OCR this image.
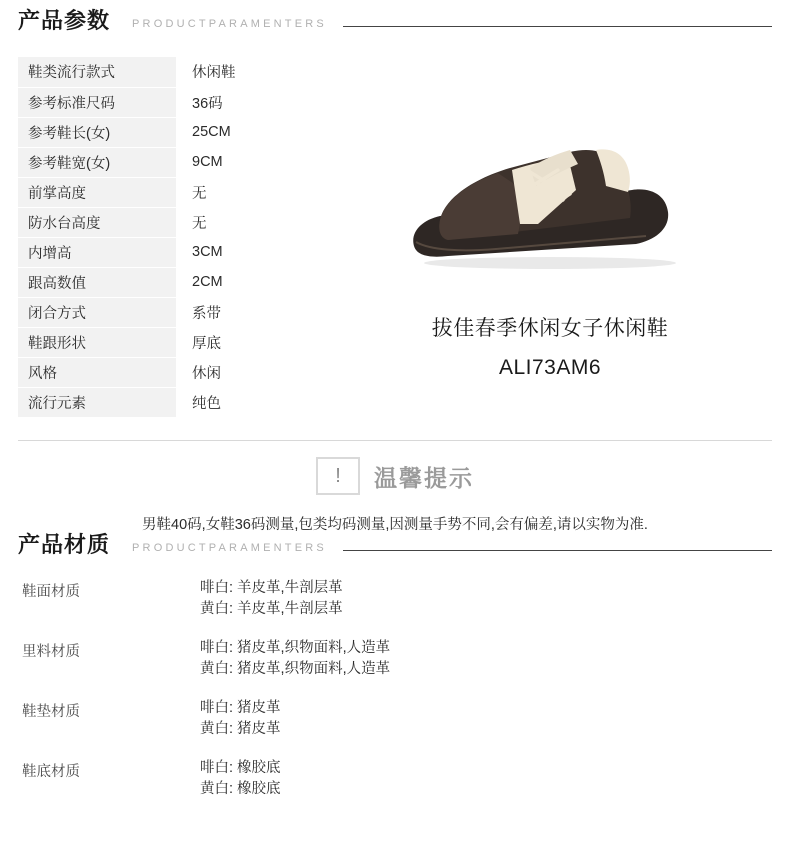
产品参数 PRODUCTPARAMENTERS
鞋类流行款式	休闲鞋
参考标准尺码	36码
参考鞋长(女)	25CM
参考鞋宽(女)	9CM
前掌高度	无
防水台高度	无
内增高	3CM
跟高数值	2CM
闭合方式	系带
鞋跟形状	厚底
风格	休闲
流行元素	纯色
拔佳春季休闲女子休闲鞋
ALI73AM6
!	温馨提示
男鞋40码,女鞋36码测量,包类均码测量,因测量手势不同,会有偏差,请以实物为准.
产品材质 PRODUCTPARAMENTERS
鞋面材质	啡白: 羊皮革,牛剖层革
黄白: 羊皮革,牛剖层革
里料材质	啡白: 猪皮革,织物面料,人造革
黄白: 猪皮革,织物面料,人造革
鞋垫材质	啡白: 猪皮革
黄白: 猪皮革
鞋底材质	啡白: 橡胶底
黄白: 橡胶底
